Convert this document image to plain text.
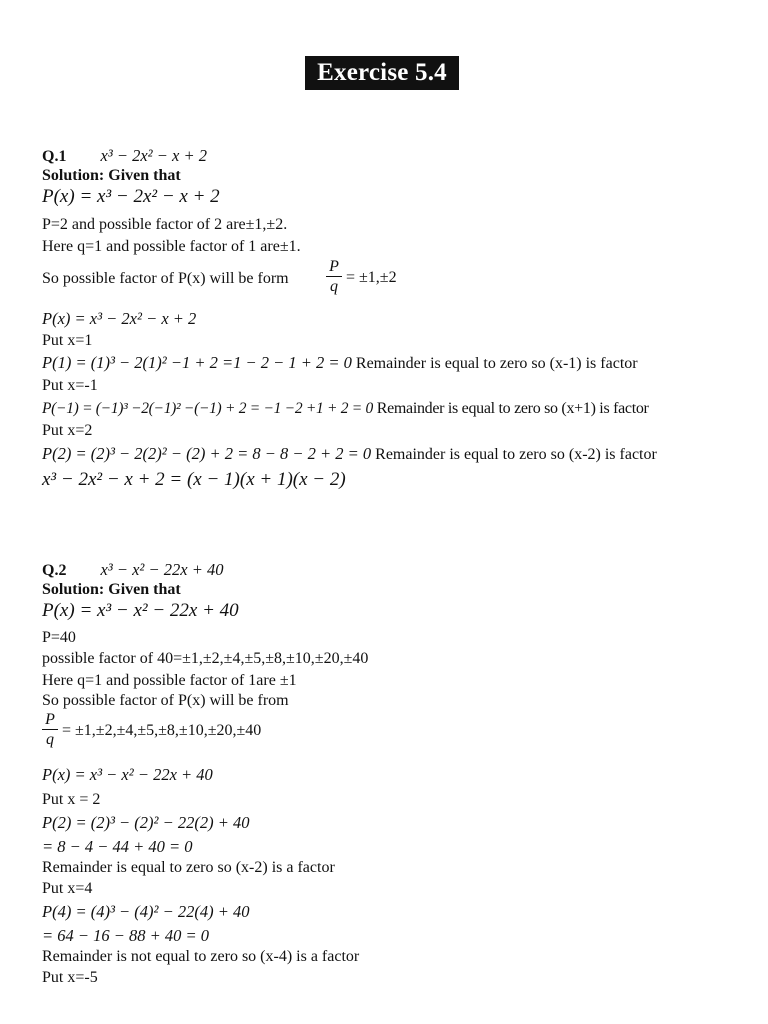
Exercise 5.4
Q.1 x³ − 2x² − x + 2
Solution: Given that
P(x) = x³ − 2x² − x + 2
P=2 and possible factor of 2 are±1,±2.
Here q=1 and possible factor of 1 are±1.
So possible factor of P(x) will be form $\frac{P}{q} = \pm 1,\pm 2$
P(x) = x³ − 2x² − x + 2
Put x=1
P(1) = (1)³ − 2(1)² −1 + 2 =1 − 2 − 1 + 2 = 0 Remainder is equal to zero so (x-1) is factor
Put x=-1
P(−1) = (−1)³ −2(−1)² −(−1) + 2 = −1 −2 +1 + 2 = 0 Remainder is equal to zero so (x+1) is factor
Put x=2
P(2) = (2)³ − 2(2)² − (2) + 2 = 8 − 8 − 2 + 2 = 0 Remainder is equal to zero so (x-2) is factor
x³ − 2x² − x + 2 = (x − 1)(x + 1)(x − 2)
Q.2 x³ − x² − 22x + 40
Solution: Given that
P(x) = x³ − x² − 22x + 40
P=40
possible factor of 40=±1,±2,±4,±5,±8,±10,±20,±40
Here q=1 and possible factor of 1are ±1
So possible factor of P(x) will be from
$\frac{P}{q} = \pm 1,\pm 2,\pm 4,\pm 5,\pm 8,\pm 10,\pm 20,\pm 40$
P(x) = x³ − x² − 22x + 40
Put x = 2
P(2) = (2)³ − (2)² − 22(2) + 40
= 8 − 4 − 44 + 40 = 0
Remainder is equal to zero so (x-2) is a factor
Put x=4
P(4) = (4)³ − (4)² − 22(4) + 40
= 64 − 16 − 88 + 40 = 0
Remainder is not equal to zero so (x-4) is a factor
Put x=-5
